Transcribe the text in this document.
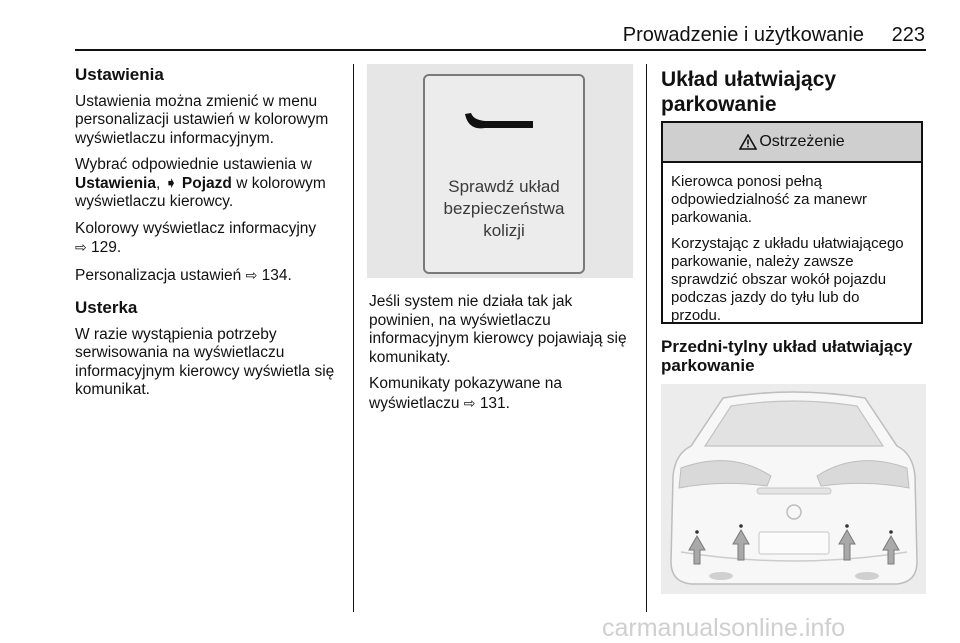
Prowadzenie i użytkowanie 223
Ustawienia

Ustawienia można zmienić w menu personalizacji ustawień w kolorowym wyświetlaczu informacyjnym.

Wybrać odpowiednie ustawienia w
Ustawienia, ➧ Pojazd w kolorowym wyświetlaczu kierowcy.

Kolorowy wyświetlacz informacyjny
⇨ 129.

Personalizacja ustawień ⇨ 134.

Usterka

W razie wystąpienia potrzeby serwisowania na wyświetlaczu informacyjnym kierowcy wyświetla się komunikat.

Sprawdź układ bezpieczeństwa kolizji

Jeśli system nie działa tak jak powinien, na wyświetlaczu informacyjnym kierowcy pojawiają się komunikaty.

Komunikaty pokazywane na wyświetlaczu ⇨ 131.

Układ ułatwiający parkowanie
Ostrzeżenie

Kierowca ponosi pełną odpowiedzialność za manewr parkowania.

Korzystając z układu ułatwiającego parkowanie, należy zawsze sprawdzić obszar wokół pojazdu podczas jazdy do tyłu lub do przodu.

Przedni-tylny układ ułatwiający parkowanie
carmanualsonline.info
